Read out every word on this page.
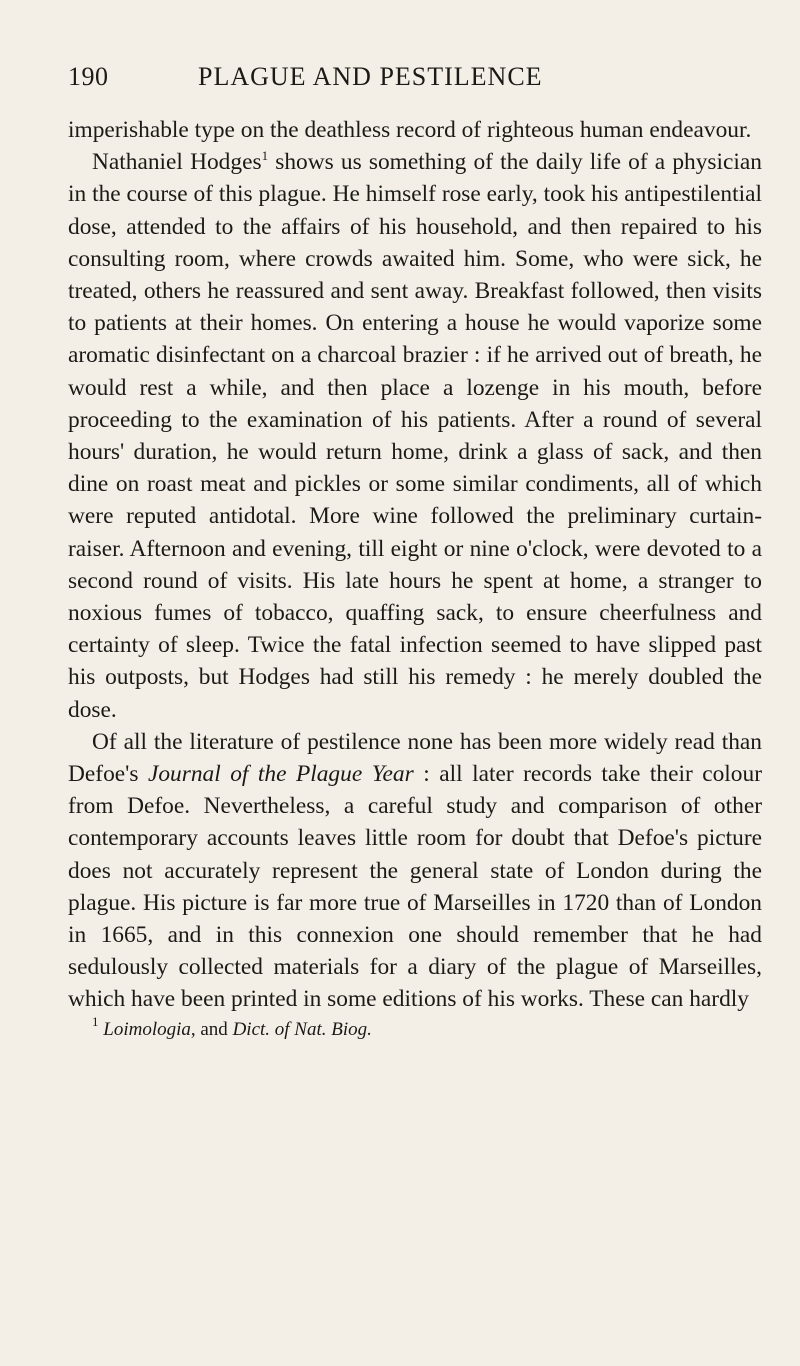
190	PLAGUE AND PESTILENCE

imperishable type on the deathless record of righteous human endeavour.

Nathaniel Hodges$^1$ shows us something of the daily life of a physician in the course of this plague. He himself rose early, took his antipestilential dose, attended to the affairs of his household, and then repaired to his consulting room, where crowds awaited him. Some, who were sick, he treated, others he reassured and sent away. Breakfast followed, then visits to patients at their homes. On entering a house he would vaporize some aromatic disinfectant on a charcoal brazier : if he arrived out of breath, he would rest a while, and then place a lozenge in his mouth, before proceeding to the examination of his patients. After a round of several hours' duration, he would return home, drink a glass of sack, and then dine on roast meat and pickles or some similar condiments, all of which were reputed antidotal. More wine followed the preliminary curtain-raiser. Afternoon and evening, till eight or nine o'clock, were devoted to a second round of visits. His late hours he spent at home, a stranger to noxious fumes of tobacco, quaffing sack, to ensure cheerfulness and certainty of sleep. Twice the fatal infection seemed to have slipped past his outposts, but Hodges had still his remedy : he merely doubled the dose.

Of all the literature of pestilence none has been more widely read than Defoe's Journal of the Plague Year : all later records take their colour from Defoe. Nevertheless, a careful study and comparison of other contemporary accounts leaves little room for doubt that Defoe's picture does not accurately represent the general state of London during the plague. His picture is far more true of Marseilles in 1720 than of London in 1665, and in this connexion one should remember that he had sedulously collected materials for a diary of the plague of Marseilles, which have been printed in some editions of his works. These can hardly

$^1$ Loimologia, and Dict. of Nat. Biog.
